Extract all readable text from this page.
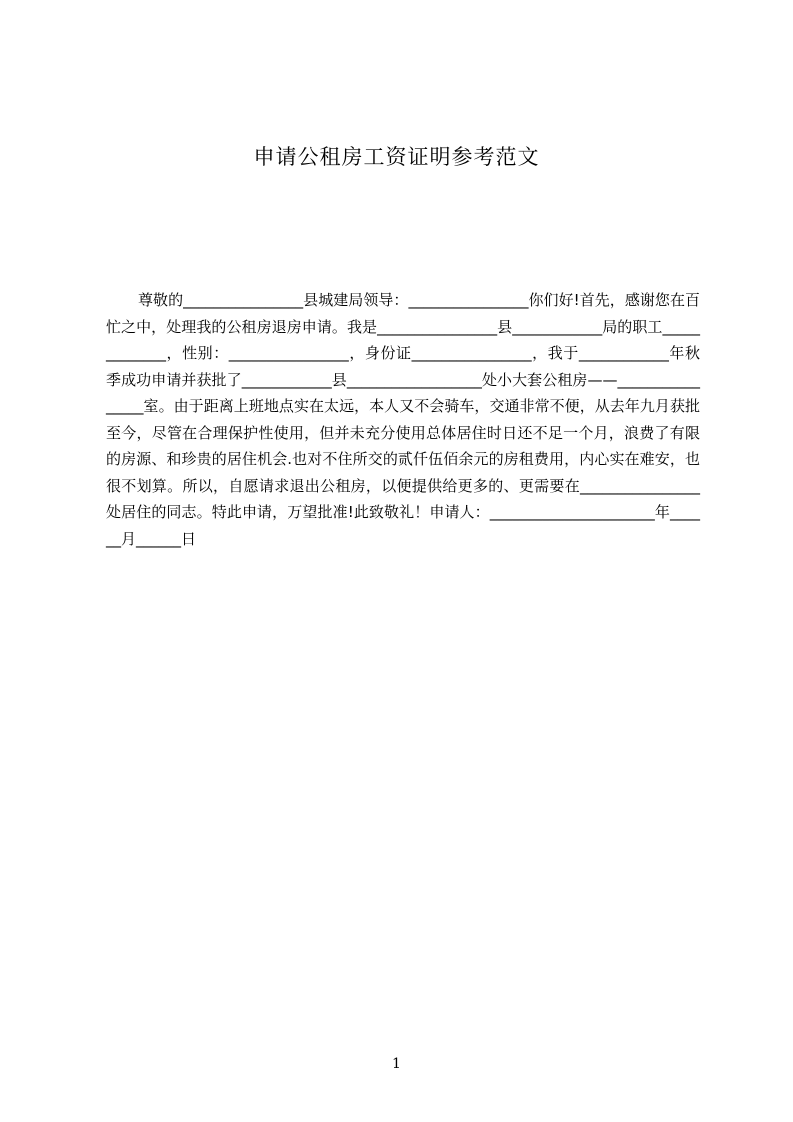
申请公租房工资证明参考范文

尊敬的________________县城建局领导：________________你们好!首先，感谢您在百忙之中，处理我的公租房退房申请。我是________________县____________局的职工_____________，性别：________________，身份证________________，我于____________年秋季成功申请并获批了____________县__________________处小大套公租房——________________室。由于距离上班地点实在太远，本人又不会骑车，交通非常不便，从去年九月获批至今，尽管在合理保护性使用，但并未充分使用总体居住时日还不足一个月，浪费了有限的房源、和珍贵的居住机会.也对不住所交的贰仟伍佰余元的房租费用，内心实在难安，也很不划算。所以，自愿请求退出公租房，以便提供给更多的、更需要在________________处居住的同志。特此申请，万望批准!此致敬礼！申请人：______________________年______月______日

1
